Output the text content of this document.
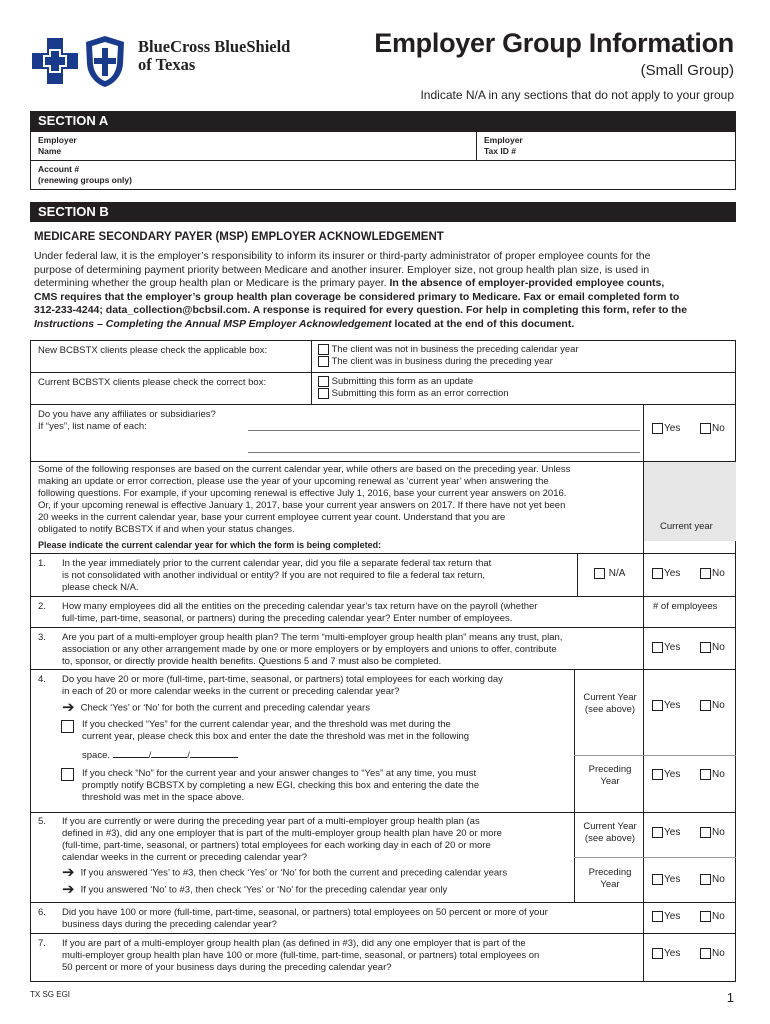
BlueCross BlueShield
of Texas
Employer Group Information
(Small Group)
Indicate N/A in any sections that do not apply to your group
SECTION A
Employer
Name
Employer
Tax ID #
Account #
(renewing groups only)
SECTION B
MEDICARE SECONDARY PAYER (MSP) EMPLOYER ACKNOWLEDGEMENT
Under federal law, it is the employer’s responsibility to inform its insurer or third-party administrator of proper employee counts for the
purpose of determining payment priority between Medicare and another insurer. Employer size, not group health plan size, is used in
determining whether the group health plan or Medicare is the primary payer. In the absence of employer-provided employee counts,
CMS requires that the employer’s group health plan coverage be considered primary to Medicare. Fax or email completed form to
312-233-4244; data_collection@bcbsil.com. A response is required for every question. For help in completing this form, refer to the
Instructions – Completing the Annual MSP Employer Acknowledgement located at the end of this document.
New BCBSTX clients please check the applicable box:	The client was not in business the preceding calendar year
The client was in business during the preceding year
Current BCBSTX clients please check the correct box:	Submitting this form as an update
Submitting this form as an error correction
Do you have any affiliates or subsidiaries?
If “yes”, list name of each:	Yes	No
Some of the following responses are based on the current calendar year, while others are based on the preceding year. Unless
making an update or error correction, please use the year of your upcoming renewal as ‘current year’ when answering the
following questions. For example, if your upcoming renewal is effective July 1, 2016, base your current year answers on 2016.
Or, if your upcoming renewal is effective January 1, 2017, base your current year answers on 2017. If there have not yet been
20 weeks in the current calendar year, base your current employee current year count. Understand that you are
obligated to notify BCBSTX if and when your status changes.	Current year
Please indicate the current calendar year for which the form is being completed:
1. In the year immediately prior to the current calendar year, did you file a separate federal tax return that
is not consolidated with another individual or entity? If you are not required to file a federal tax return,
please check N/A.
N/A	Yes	No
2. How many employees did all the entities on the preceding calendar year’s tax return have on the payroll (whether
full-time, part-time, seasonal, or partners) during the preceding calendar year? Enter number of employees.
# of employees
3. Are you part of a multi-employer group health plan? The term “multi-employer group health plan” means any trust, plan,
association or any other arrangement made by one or more employers or by employers and unions to offer, contribute
to, sponsor, or directly provide health benefits. Questions 5 and 7 must also be completed.
Yes	No
4. Do you have 20 or more (full-time, part-time, seasonal, or partners) total employees for each working day
in each of 20 or more calendar weeks in the current or preceding calendar year?
➔ Check ‘Yes’ or ‘No’ for both the current and preceding calendar years
If you checked “Yes” for the current calendar year, and the threshold was met during the
current year, please check this box and enter the date the threshold was met in the following
space.	/	/
If you check “No” for the current year and your answer changes to “Yes” at any time, you must
promptly notify BCBSTX by completing a new EGI, checking this box and entering the date the
threshold was met in the space above.
Current Year
(see above)	Yes	No
Preceding
Year
Yes	No
5. If you are currently or were during the preceding year part of a multi-employer group health plan (as
defined in #3), did any one employer that is part of the multi-employer group health plan have 20 or more
(full-time, part-time, seasonal, or partners) total employees for each working day in each of 20 or more
calendar weeks in the current or preceding calendar year?
➔ If you answered ‘Yes’ to #3, then check ‘Yes’ or ‘No’ for both the current and preceding calendar years
➔ If you answered ‘No’ to #3, then check ‘Yes’ or ‘No’ for the preceding calendar year only
Current Year
(see above)
Yes	No
Preceding
Year	Yes	No
6. Did you have 100 or more (full-time, part-time, seasonal, or partners) total employees on 50 percent or more of your
business days during the preceding calendar year?
Yes	No
7. If you are part of a multi-employer group health plan (as defined in #3), did any one employer that is part of the
multi-employer group health plan have 100 or more (full-time, part-time, seasonal, or partners) total employees on
50 percent or more of your business days during the preceding calendar year?
Yes	No
TX SG EGI	1
